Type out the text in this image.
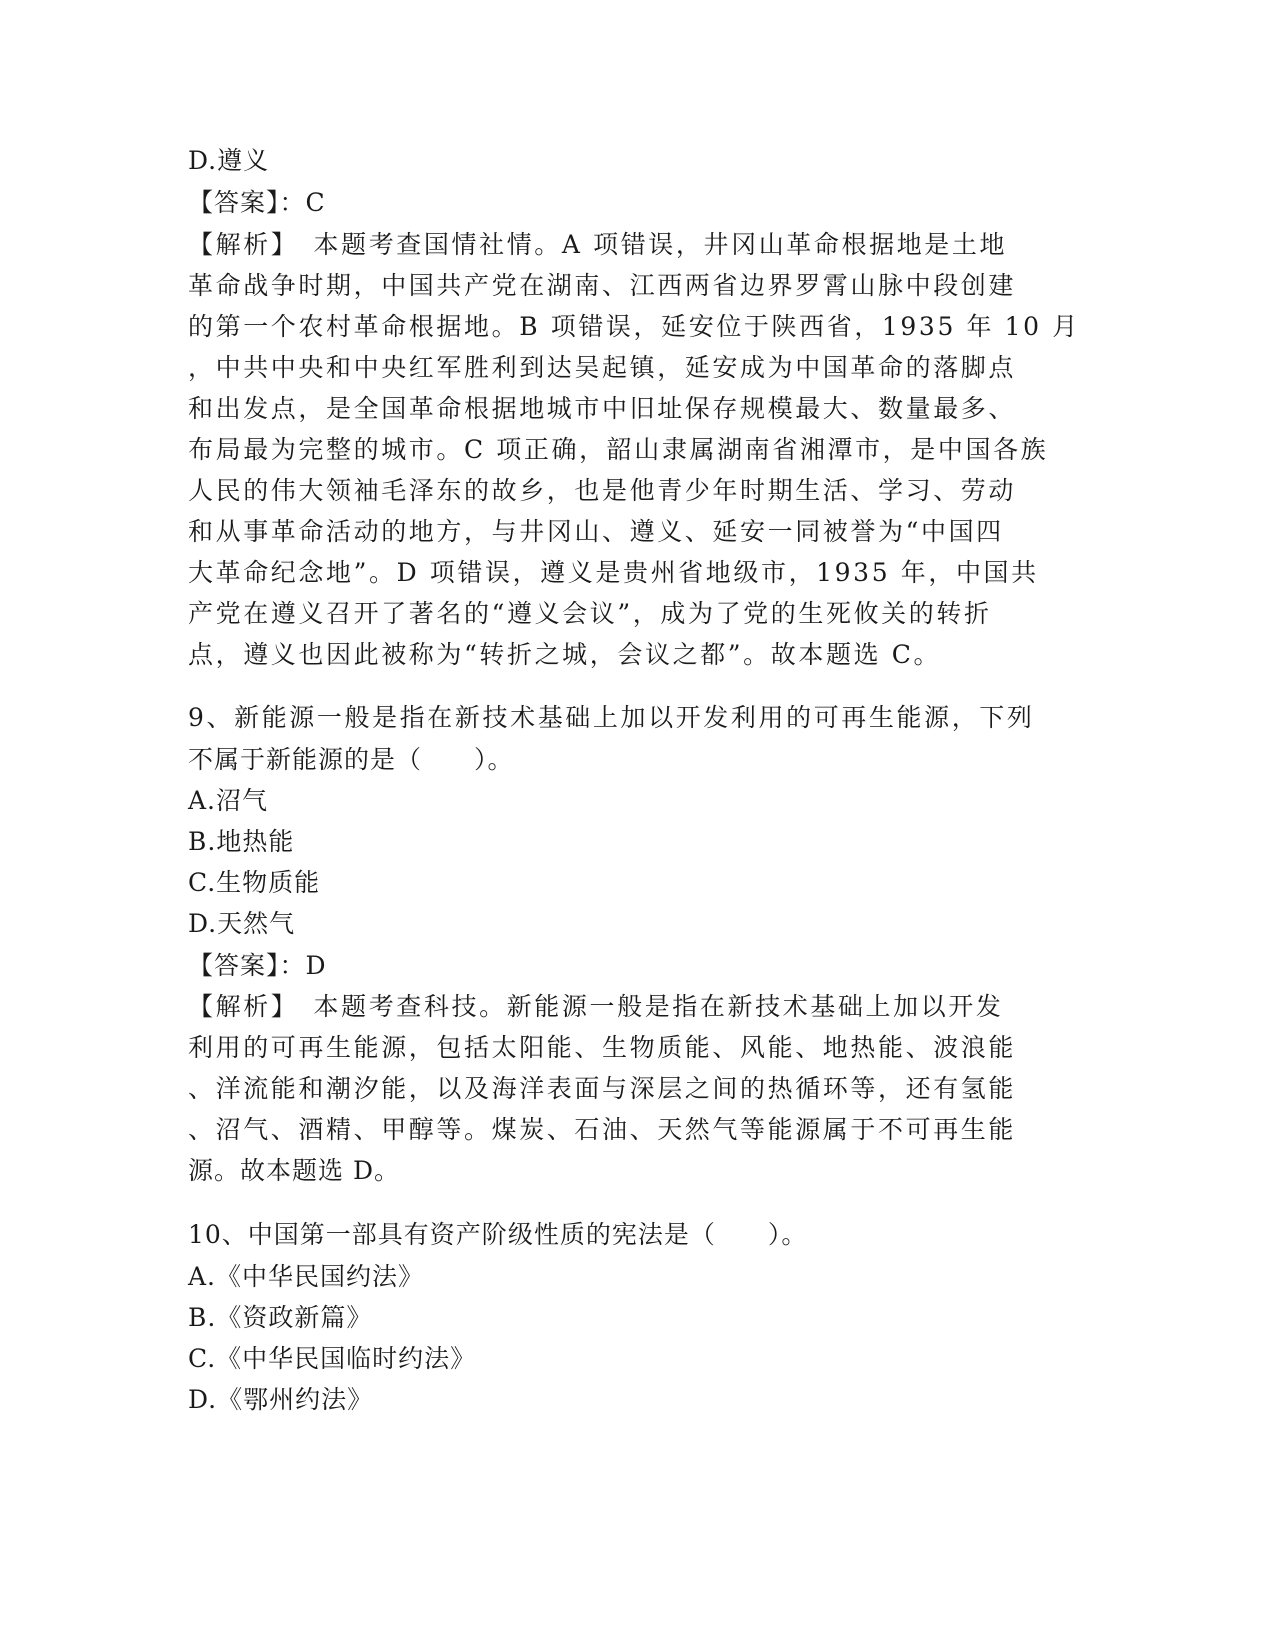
D.遵义
【答案】：C
【解析】　本题考查国情社情。A 项错误，井冈山革命根据地是土地
革命战争时期，中国共产党在湖南、江西两省边界罗霄山脉中段创建
的第一个农村革命根据地。B 项错误，延安位于陕西省，1935 年 10 月
，中共中央和中央红军胜利到达吴起镇，延安成为中国革命的落脚点
和出发点，是全国革命根据地城市中旧址保存规模最大、数量最多、
布局最为完整的城市。C 项正确，韶山隶属湖南省湘潭市，是中国各族
人民的伟大领袖毛泽东的故乡，也是他青少年时期生活、学习、劳动
和从事革命活动的地方，与井冈山、遵义、延安一同被誉为“中国四
大革命纪念地”。D 项错误，遵义是贵州省地级市，1935 年，中国共
产党在遵义召开了著名的“遵义会议”，成为了党的生死攸关的转折
点，遵义也因此被称为“转折之城，会议之都”。故本题选 C。
9、新能源一般是指在新技术基础上加以开发利用的可再生能源，下列
不属于新能源的是（　　）。
A.沼气
B.地热能
C.生物质能
D.天然气
【答案】：D
【解析】　本题考查科技。新能源一般是指在新技术基础上加以开发
利用的可再生能源，包括太阳能、生物质能、风能、地热能、波浪能
、洋流能和潮汐能，以及海洋表面与深层之间的热循环等，还有氢能
、沼气、酒精、甲醇等。煤炭、石油、天然气等能源属于不可再生能
源。故本题选 D。
10、中国第一部具有资产阶级性质的宪法是（　　）。
A.《中华民国约法》
B.《资政新篇》
C.《中华民国临时约法》
D.《鄂州约法》
